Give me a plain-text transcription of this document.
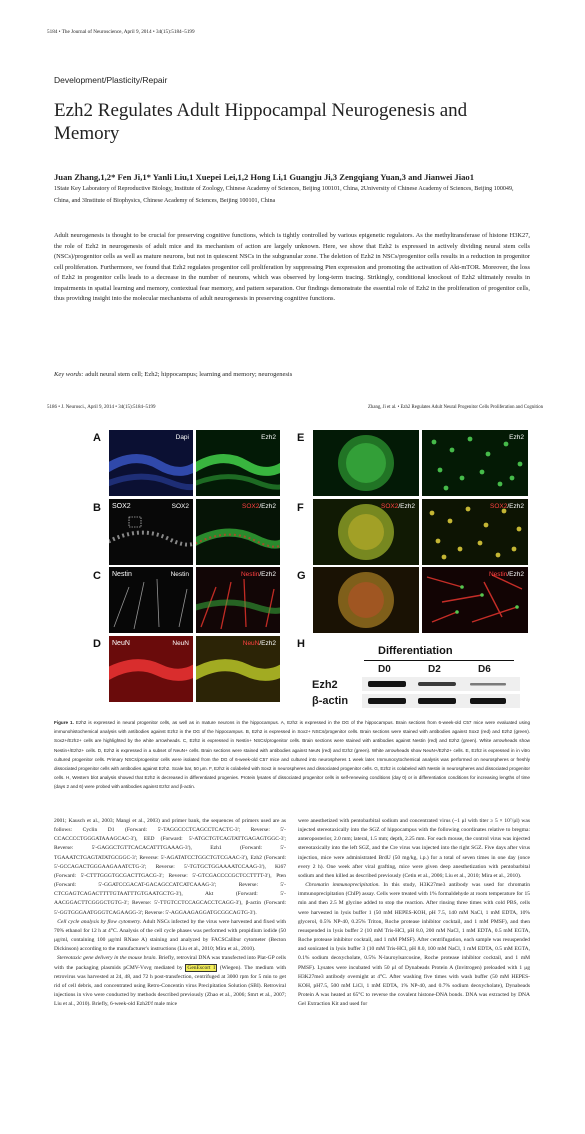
5184 • The Journal of Neuroscience, April 9, 2014 • 34(15):5184–5199
Development/Plasticity/Repair
Ezh2 Regulates Adult Hippocampal Neurogenesis and Memory
Juan Zhang,1,2* Fen Ji,1* Yanli Liu,1 Xuepei Lei,1,2 Hong Li,1 Guangju Ji,3 Zengqiang Yuan,3 and Jianwei Jiao1
1State Key Laboratory of Reproductive Biology, Institute of Zoology, Chinese Academy of Sciences, Beijing 100101, China, 2University of Chinese Academy of Sciences, Beijing 100049, China, and 3Institute of Biophysics, Chinese Academy of Sciences, Beijing 100101, China
Adult neurogenesis is thought to be crucial for preserving cognitive functions, which is tightly controlled by various epigenetic regulators. As the methyltransferase of histone H3K27, the role of Ezh2 in neurogenesis of adult mice and its mechanism of action are largely unknown. Here, we show that Ezh2 is expressed in actively dividing neural stem cells (NSCs)/progenitor cells as well as mature neurons, but not in quiescent NSCs in the subgranular zone. The deletion of Ezh2 in NSCs/progenitor cells results in a reduction in progenitor cell proliferation. Furthermore, we found that Ezh2 regulates progenitor cell proliferation by suppressing Pten expression and promoting the activation of Akt-mTOR. Moreover, the loss of Ezh2 in progenitor cells leads to a decrease in the number of neurons, which was observed by long-term tracing. Strikingly, conditional knockout of Ezh2 ultimately results in impairments in spatial learning and memory, contextual fear memory, and pattern separation. Our findings demonstrate the essential role of Ezh2 in the proliferation of progenitor cells, thus providing insight into the molecular mechanisms of adult neurogenesis in preserving cognitive functions.
Key words: adult neural stem cell; Ezh2; hippocampus; learning and memory; neurogenesis
5186 • J. Neurosci., April 9, 2014 • 34(15):5184–5199	Zhang, Ji et al. • Ezh2 Regulates Adult Neural Progenitor Cells Proliferation and Cognition
A
B
C
D
E
F
G
H
Dapi	Ezh2
SOX2	SOX2/Ezh2
Nestin	Nestin/Ezh2
NeuN	NeuN/Ezh2
Ezh2
SOX2/Ezh2	SOX2/Ezh2
Nestin/Ezh2
SOX2
Nestin
NeuN
Differentiation
D0	D2	D6
Ezh2
β-actin
Figure 1. Ezh2 is expressed in neural progenitor cells, as well as in mature neurons in the hippocampus. A, Ezh2 is expressed in the DG of the hippocampus. Brain sections from 6-week-old C57 mice were evaluated using immunohistochemical analysis with antibodies against Ezh2 in the DG of the hippocampus. B, Ezh2 is expressed in Sox2+ NSCs/progenitor cells. Brain sections were stained with antibodies against Sox2 (red) and Ezh2 (green). Sox2+/Ezh2+ cells are highlighted by the white arrowheads. C, Ezh2 is expressed in Nestin+ NSCs/progenitor cells. Brain sections were stained with antibodies against Nestin (red) and Ezh2 (green). White arrowheads show Nestin+/Ezh2+ cells. D, Ezh2 is expressed in a subset of NeuN+ cells. Brain sections were stained with antibodies against NeuN (red) and Ezh2 (green). White arrowheads show NeuN+/Ezh2+ cells. E, Ezh2 is expressed in in vitro cultured progenitor cells. Primary NSCs/progenitor cells were isolated from the DG of 6-week-old C57 mice and cultured into neurospheres 1 week later. Immunocytochemical analysis was performed on neurospheres or freshly dissociated progenitor cells with antibodies against Ezh2. Scale bar, 50 μm. F, Ezh2 is colabeled with Sox2 in neurospheres and dissociated progenitor cells. G, Ezh2 is colabeled with Nestin in neurospheres and dissociated progenitor cells. H, Western blot analysis showed that Ezh2 is decreased in differentiated progenies. Protein lysates of dissociated progenitor cells in self-renewing conditions (day 0) or in differentiation conditions for increasing lengths of time (days 2 and 6) were probed with antibodies against Ezh2 and β-actin.
2001; Kausch et al., 2003; Mangi et al., 2003) and primer bank, the sequences of primers used are as follows: Cyclin D1 (Forward: 5'-TAGGCCCTCAGCCTCACTC-3'; Reverse: 5'-CCACCCCTGGGATAAAGCAC-3'), EED (Forward: 5'-ATGCTGTCAGTATTGAGAGTGGC-3'; Reverse: 5'-GAGGCTGTTCACACATTTGAAAG-3'), Ezh1 (Forward: 5'-TGAAATCTGAGTATATGCGGC-3'; Reverse: 5'-AGATATCCTGGCTGTCGAAC-3'), Ezh2 (Forward: 5'-GCCAGACTGGGAAGAAATCTG-3'; Reverse: 5'-TGTGCTGGAAAATCCAAG-3'), Ki67 (Forward: 5'-CTTTGGGTGCGACTTGACG-3'; Reverse: 5'-GTCGACCCCGCTCCTTTT-3'), Pten (Forward: 5'-GGATCCGACAT-GACAGCCATCATCAAAG-3'; Reverse: 5'-CTCGAGTCAGACTTTTGTAATTTGTGAATGCTG-3'), Akt (Forward: 5'-AACGGACTTCGGGCTGTG-3'; Reverse: 5'-TTGTCCTCCAGCACCTCAGG-3'), β-actin (Forward: 5'-GGTGGGAATGGGTCAGAAGG-3'; Reverse: 5'-AGGAAGAGGATGCGGCAGTG-3').
Cell cycle analysis by flow cytometry. Adult NSCs infected by the virus were harvested and fixed with 70% ethanol for 12 h at 4°C. Analysis of the cell cycle phases was performed with propidium iodide (50 μg/ml, containing 100 μg/ml RNase A) staining and analyzed by FACSCalibur cytometer (Becton Dickinson) according to the manufacturer's instructions (Liu et al., 2010; Mira et al., 2010).
Stereotaxic gene delivery in the mouse brain. Briefly, retroviral DNA was transfected into Plat-GP cells with the packaging plasmids pCMV-Vsvg mediated by GenEscort I (Wiegen). The medium with retrovirus was harvested at 24, 48, and 72 h post-transfection, centrifuged at 3000 rpm for 5 min to get rid of cell debris, and concentrated using Retro-Concentin virus Precipitation Solution (SBI). Retroviral injections in vivo were conducted by methods described previously (Zhao et al., 2006; Smrt et al., 2007; Liu et al., 2010). Briefly, 6-week-old Ezh2f/f male mice
were anesthetized with pentobarbital sodium and concentrated virus (~1 μl with titer ≥ 5 × 10⁷/μl) was injected stereotaxically into the SGZ of hippocampus with the following coordinates relative to bregma: anteroposterior, 2.0 mm; lateral, 1.5 mm; depth, 2.25 mm. For each mouse, the control virus was injected stereotaxically into the left SGZ, and the Cre virus was injected into the right SGZ. Five days after virus injection, mice were administrated BrdU (50 mg/kg, i.p.) for a total of seven times in one day (once every 2 h). One week after viral grafting, mice were given deep anesthetization with pentobarbital sodium and then killed as described previously (Cetin et al., 2006; Liu et al., 2010; Mira et al., 2010).
Chromatin immunoprecipitation. In this study, H3K27me3 antibody was used for chromatin immunoprecipitation (ChIP) assay. Cells were treated with 1% formaldehyde at room temperature for 15 min and then 2.5 M glycine added to stop the reaction. After rinsing three times with cold PBS, cells were harvested in lysis buffer 1 (50 mM HEPES-KOH, pH 7.5, 140 mM NaCl, 1 mM EDTA, 10% glycerol, 0.5% NP-40, 0.25% Triton, Roche protease inhibitor cocktail, and 1 mM PMSF), and then resuspended in lysis buffer 2 (10 mM Tris-HCl, pH 8.0, 200 mM NaCl, 1 mM EDTA, 0.5 mM EGTA, Roche protease inhibitor cocktail, and 1 mM PMSF). After centrifugation, each sample was resuspended and sonicated in lysis buffer 3 (10 mM Tris-HCl, pH 8.0, 100 mM NaCl, 1 mM EDTA, 0.5 mM EGTA, 0.1% sodium deoxycholate, 0.5% N-lauroylsarcosine, Roche protease inhibitor cocktail, and 1 mM PMSF). Lysates were incubated with 50 μl of Dynabeads Protein A (Invitrogen) preloaded with 1 μg H3K27me3 antibody overnight at 4°C. After washing five times with wash buffer (50 mM HEPES-KOH, pH7.5, 500 mM LiCl, 1 mM EDTA, 1% NP-40, and 0.7% sodium deoxycholate), Dynabeads Protein A was heated at 65°C to reverse the covalent histone-DNA bonds. DNA was extracted by DNA Gel Extraction Kit and used for
